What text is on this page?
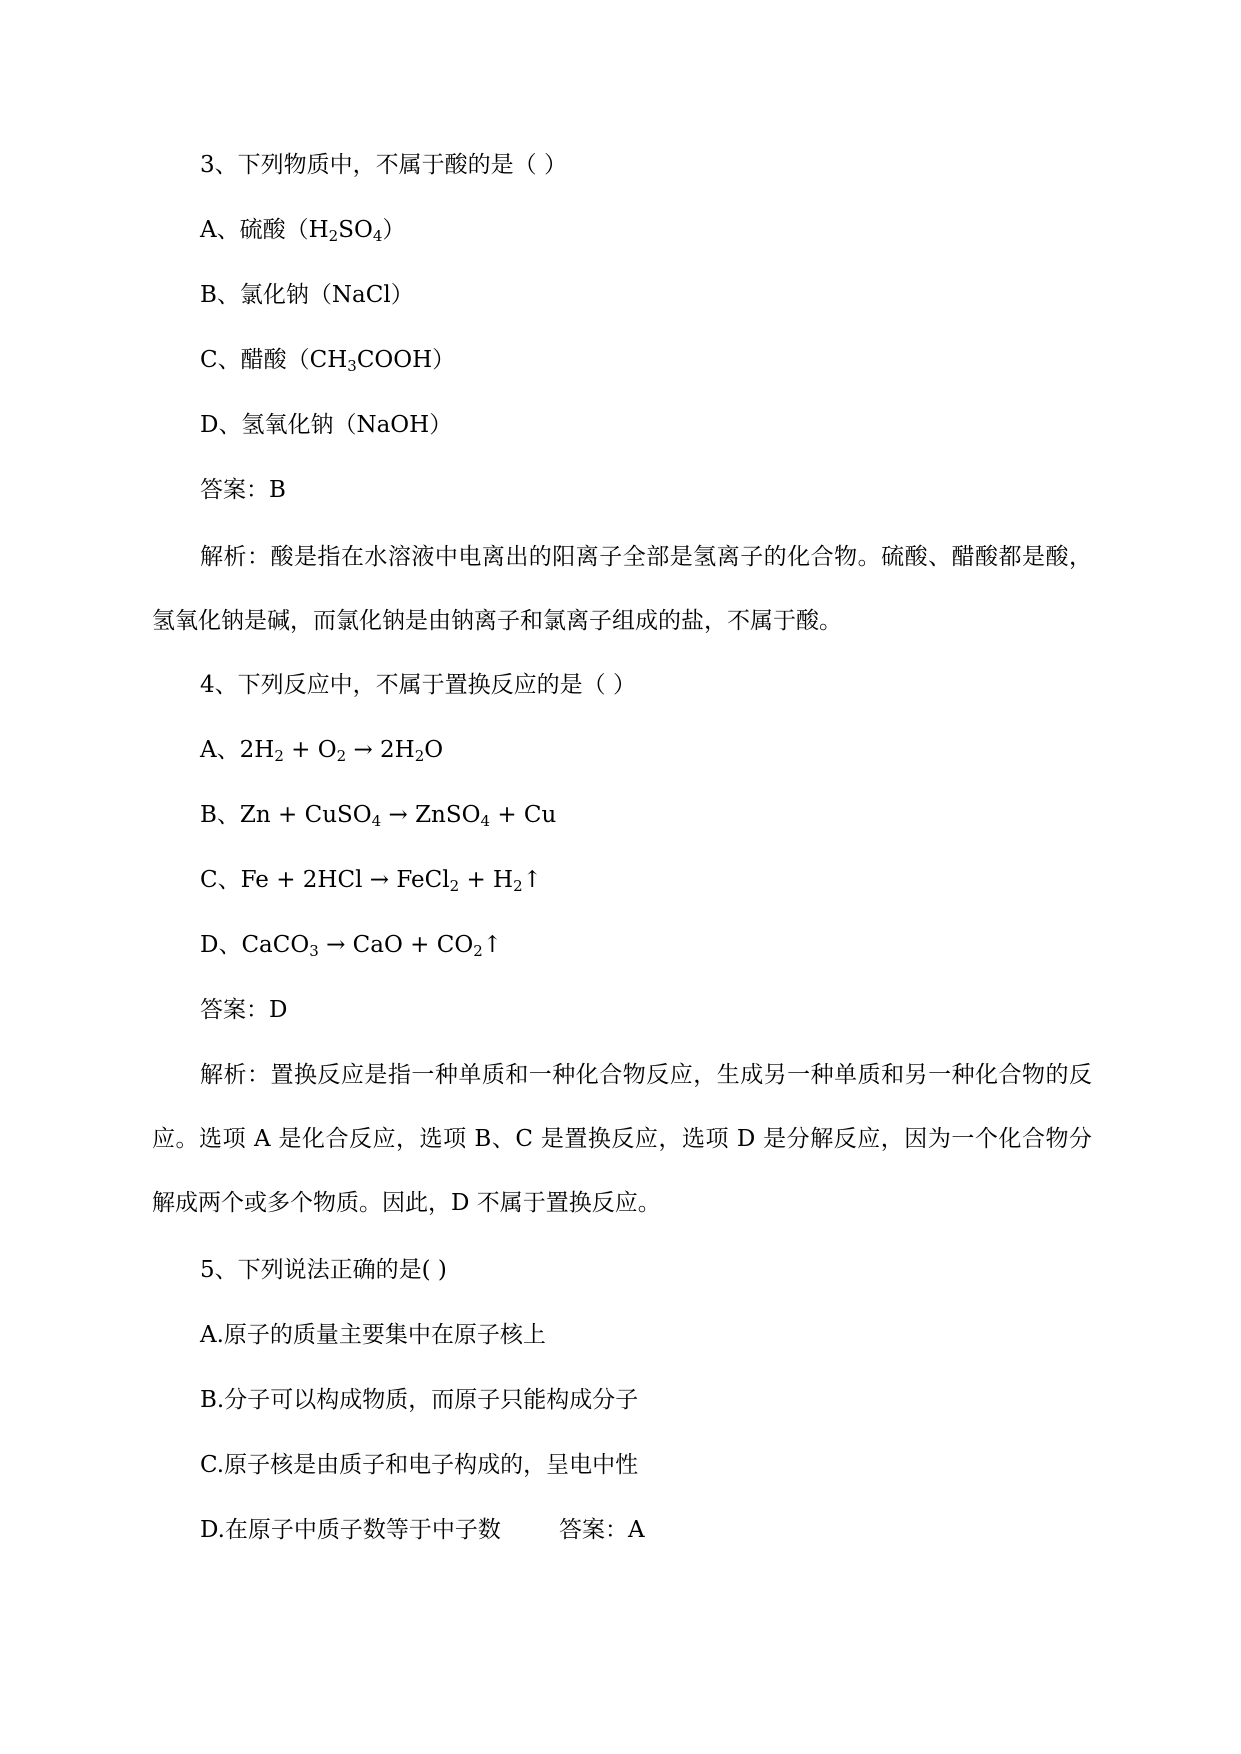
3、下列物质中，不属于酸的是（ ）
A、硫酸$(H_2SO_4)$
B、氯化钠（NaCl）
C、醋酸$(CH_3COOH)$
D、氢氧化钠（NaOH）
答案：B
解析：酸是指在水溶液中电离出的阳离子全部是氢离子的化合物。硫酸、醋酸都是酸，氢氧化钠是碱，而氯化钠是由钠离子和氯离子组成的盐，不属于酸。
4、下列反应中，不属于置换反应的是（ ）
A、$2H_2 + O_2 \to 2H_2O$
B、Zn + CuSO$_4$ → ZnSO$_4$ + Cu
C、Fe + 2HCl → FeCl$_2$ + $H_2↑$
D、CaCO$_3$ → CaO + $CO_2↑$
答案：D
解析：置换反应是指一种单质和一种化合物反应，生成另一种单质和另一种化合物的反应。选项 A 是化合反应，选项 B、C 是置换反应，选项 D 是分解反应，因为一个化合物分解成两个或多个物质。因此，D 不属于置换反应。
5、下列说法正确的是( )
A.原子的质量主要集中在原子核上
B.分子可以构成物质，而原子只能构成分子
C.原子核是由质子和电子构成的，呈电中性
D.在原子中质子数等于中子数	答案：A
